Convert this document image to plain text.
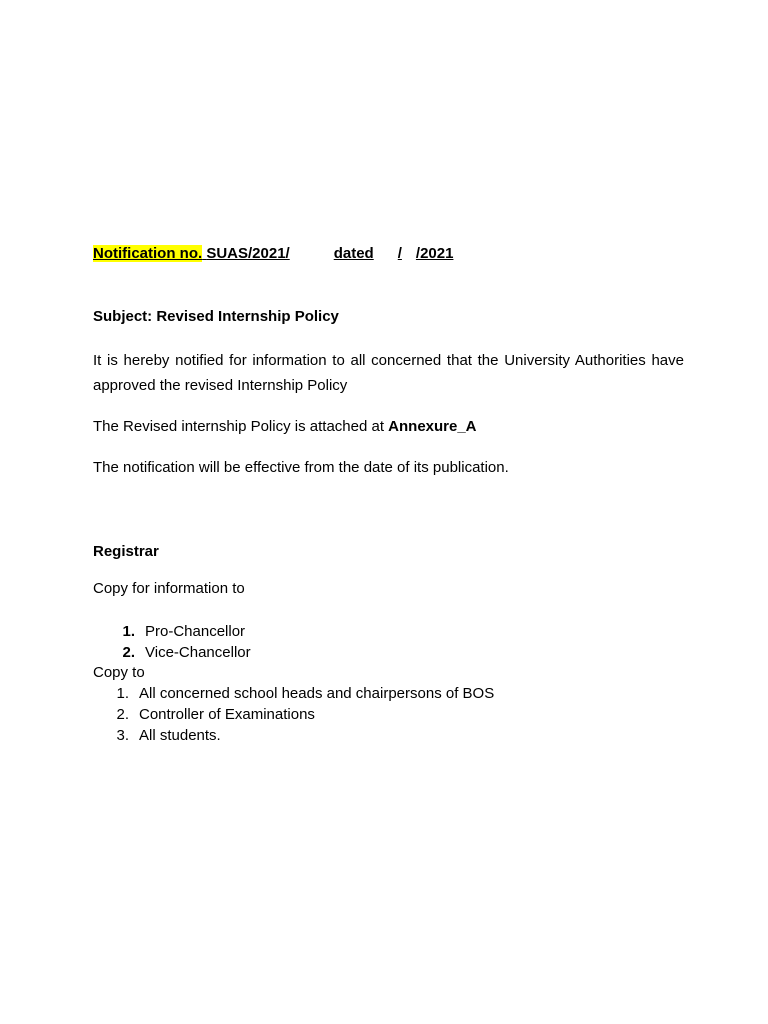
Notification no. SUAS/2021/	dated / /2021
Subject: Revised Internship Policy
It is hereby notified for information to all concerned that the University Authorities have approved the revised Internship Policy
The Revised internship Policy is attached at Annexure_A
The notification will be effective from the date of its publication.
Registrar
Copy for information to
1. Pro-Chancellor
2. Vice-Chancellor
Copy to
1. All concerned school heads and chairpersons of BOS
2. Controller of Examinations
3. All students.
